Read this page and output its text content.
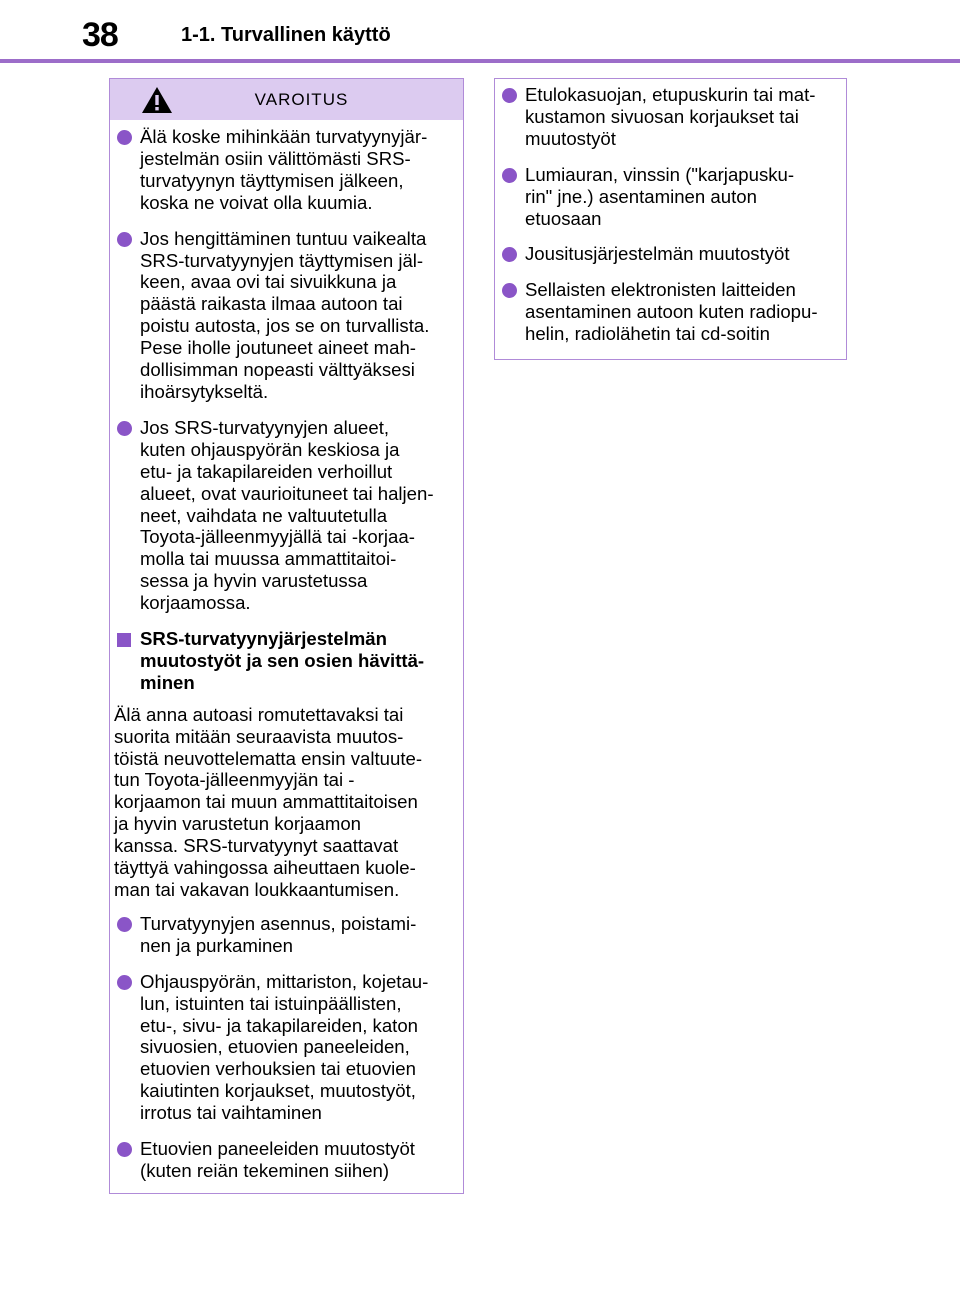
38	1-1. Turvallinen käyttö
VAROITUS
Älä koske mihinkään turvatyynyjär-
jestelmän osiin välittömästi SRS-
turvatyynyn täyttymisen jälkeen,
koska ne voivat olla kuumia.
Jos hengittäminen tuntuu vaikealta
SRS-turvatyynyjen täyttymisen jäl-
keen, avaa ovi tai sivuikkuna ja
päästä raikasta ilmaa autoon tai
poistu autosta, jos se on turvallista.
Pese iholle joutuneet aineet mah-
dollisimman nopeasti välttyäksesi
ihoärsytykseltä.
Jos SRS-turvatyynyjen alueet,
kuten ohjauspyörän keskiosa ja
etu- ja takapilareiden verhoillut
alueet, ovat vaurioituneet tai haljen-
neet, vaihdata ne valtuutetulla
Toyota-jälleenmyyjällä tai -korjaa-
molla tai muussa ammattitaitoi-
sessa ja hyvin varustetussa
korjaamossa.
SRS-turvatyynyjärjestelmän
muutostyöt ja sen osien hävittä-
minen
Älä anna autoasi romutettavaksi tai
suorita mitään seuraavista muutos-
töistä neuvottelematta ensin valtuute-
tun Toyota-jälleenmyyjän tai -
korjaamon tai muun ammattitaitoisen
ja hyvin varustetun korjaamon
kanssa. SRS-turvatyynyt saattavat
täyttyä vahingossa aiheuttaen kuole-
man tai vakavan loukkaantumisen.
Turvatyynyjen asennus, poistami-
nen ja purkaminen
Ohjauspyörän, mittariston, kojetau-
lun, istuinten tai istuinpäällisten,
etu-, sivu- ja takapilareiden, katon
sivuosien, etuovien paneeleiden,
etuovien verhouksien tai etuovien
kaiutinten korjaukset, muutostyöt,
irrotus tai vaihtaminen
Etuovien paneeleiden muutostyöt
(kuten reiän tekeminen siihen)
Etulokasuojan, etupuskurin tai mat-
kustamon sivuosan korjaukset tai
muutostyöt
Lumiauran, vinssin ("karjapusku-
rin" jne.) asentaminen auton
etuosaan
Jousitusjärjestelmän muutostyöt
Sellaisten elektronisten laitteiden
asentaminen autoon kuten radiopu-
helin, radiolähetin tai cd-soitin
